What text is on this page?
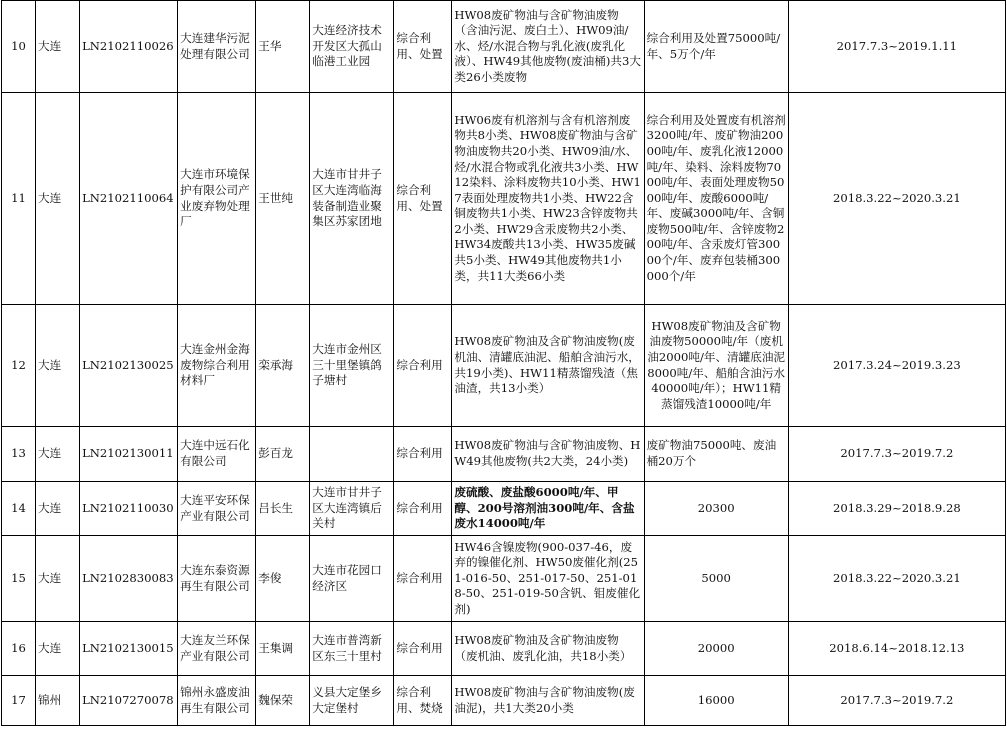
10	大连	LN2102110026	大连建华污泥处理有限公司	王华	大连经济技术开发区大孤山临港工业园	综合利用、处置	HW08废矿物油与含矿物油废物（含油污泥、废白土）、HW09油/水、烃/水混合物与乳化液(废乳化液）、HW49其他废物(废油桶)共3大类26小类废物	综合利用及处置75000吨/年、5万个/年	2017.7.3~2019.1.11
11	大连	LN2102110064	大连市环境保护有限公司产业废弃物处理厂	王世纯	大连市甘井子区大连湾临海装备制造业聚集区苏家团地	综合利用、处置	HW06废有机溶剂与含有机溶剂废物共8小类、HW08废矿物油与含矿物油废物共20小类、HW09油/水、烃/水混合物或乳化液共3小类、HW12染料、涂料废物共10小类、HW17表面处理废物共1小类、HW22含铜废物共1小类、HW23含锌废物共2小类、HW29含汞废物共2小类、HW34废酸共13小类、HW35废碱共5小类、HW49其他废物共1小类，共11大类66小类	综合利用及处置废有机溶剂3200吨/年、废矿物油20000吨/年、废乳化液12000吨/年、染料、涂料废物7000吨/年、表面处理废物5000吨/年、废酸6000吨/年、废碱3000吨/年、含铜废物500吨/年、含锌废物200吨/年、含汞废灯管30000个/年、废弃包装桶300000个/年	2018.3.22~2020.3.21
12	大连	LN2102130025	大连金州金海废物综合利用材料厂	栾承海	大连市金州区三十里堡镇鸽子塘村	综合利用	HW08废矿物油及含矿物油废物(废机油、清罐底油泥、船舶含油污水，共19小类)、HW11精蒸馏残渣（焦油渣，共13小类）	HW08废矿物油及含矿物油废物50000吨/年（废机油2000吨/年、清罐底油泥8000吨/年、船舶含油污水40000吨/年）；HW11精蒸馏残渣10000吨/年	2017.3.24~2019.3.23
13	大连	LN2102130011	大连中远石化有限公司	彭百龙		综合利用	HW08废矿物油与含矿物油废物、HW49其他废物(共2大类，24小类)	废矿物油75000吨、废油桶20万个	2017.7.3~2019.7.2
14	大连	LN2102110030	大连平安环保产业有限公司	吕长生	大连市甘井子区大连湾镇后关村	综合利用	废硫酸、废盐酸6000吨/年、甲醇、200号溶剂油300吨/年、含盐废水14000吨/年	20300	2018.3.29~2018.9.28
15	大连	LN2102830083	大连东泰资源再生有限公司	李俊	大连市花园口经济区	综合利用	HW46含镍废物(900-037-46，废弃的镍催化剂、HW50废催化剂(251-016-50、251-017-50、251-018-50、251-019-50含钒、钼废催化剂)	5000	2018.3.22~2020.3.21
16	大连	LN2102130015	大连友兰环保产业有限公司	王集调	大连市普湾新区东三十里村	综合利用	HW08废矿物油及含矿物油废物（废机油、废乳化油，共18小类）	20000	2018.6.14~2018.12.13
17	锦州	LN2107270078	锦州永盛废油再生有限公司	魏保荣	义县大定堡乡大定堡村	综合利用、焚烧	HW08废矿物油与含矿物油废物(废油泥)，共1大类20小类	16000	2017.7.3~2019.7.2
